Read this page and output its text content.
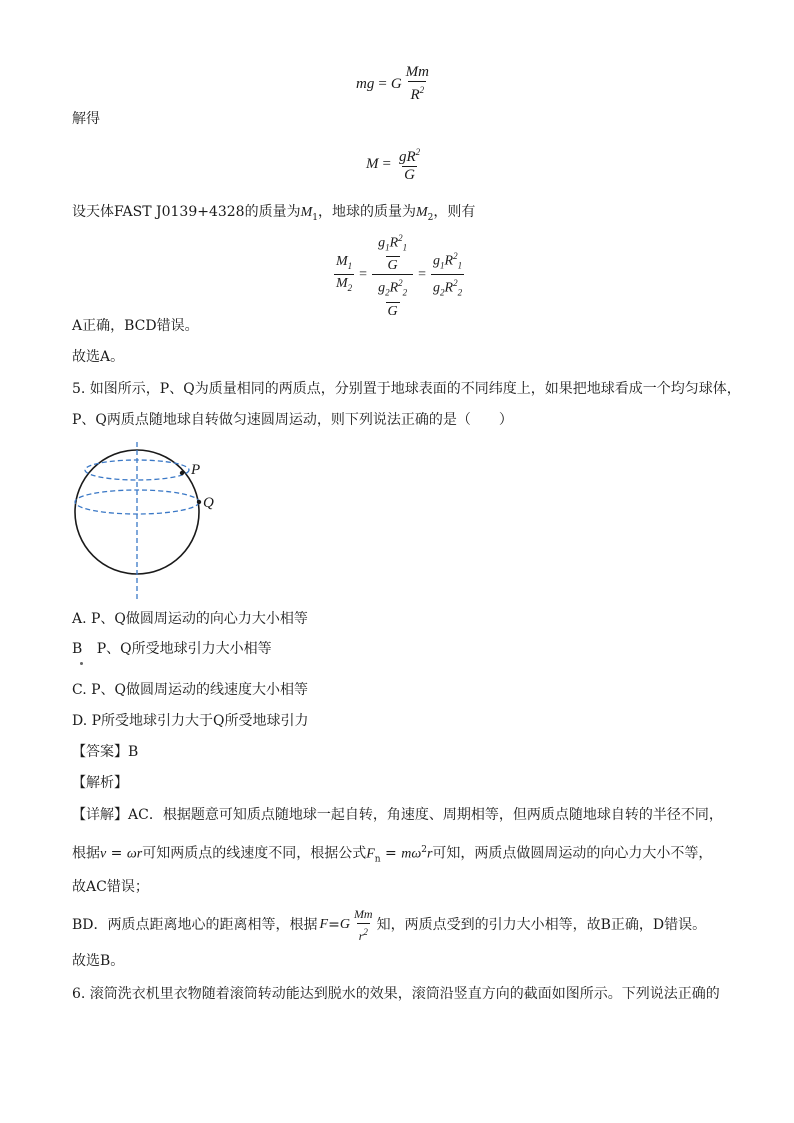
mg = G $\frac{Mm}{R^2}$
解得
$M = \frac{gR^2}{G}$
设天体FAST J0139+4328的质量为$M_1$，地球的质量为$M_2$，则有
$\frac{M_1}{M_2} = \frac{\frac{g_1R^2_1}{G}}{\frac{g_2R^2_2}{G}} = \frac{g_1R^2_1}{g_2R^2_2}$
A正确，BCD错误。
故选A。
5. 如图所示，P、Q为质量相同的两质点，分别置于地球表面的不同纬度上，如果把地球看成一个均匀球体，
P、Q两质点随地球自转做匀速圆周运动，则下列说法正确的是（　　）
P
Q
A. P、Q做圆周运动的向心力大小相等
B P、Q所受地球引力大小相等
C. P、Q做圆周运动的线速度大小相等
D. P所受地球引力大于Q所受地球引力
【答案】B
【解析】
【详解】AC．根据题意可知质点随地球一起自转，角速度、周期相等，但两质点随地球自转的半径不同，
根据v = ωr可知两质点的线速度不同，根据公式$F_n = m\omega^2r$可知，两质点做圆周运动的向心力大小不等，
故AC错误；
BD．两质点距离地心的距离相等，根据 F = G $\frac{Mm}{r^2}$ 知，两质点受到的引力大小相等，故B正确，D错误。
故选B。
6. 滚筒洗衣机里衣物随着滚筒转动能达到脱水的效果，滚筒沿竖直方向的截面如图所示。下列说法正确的
